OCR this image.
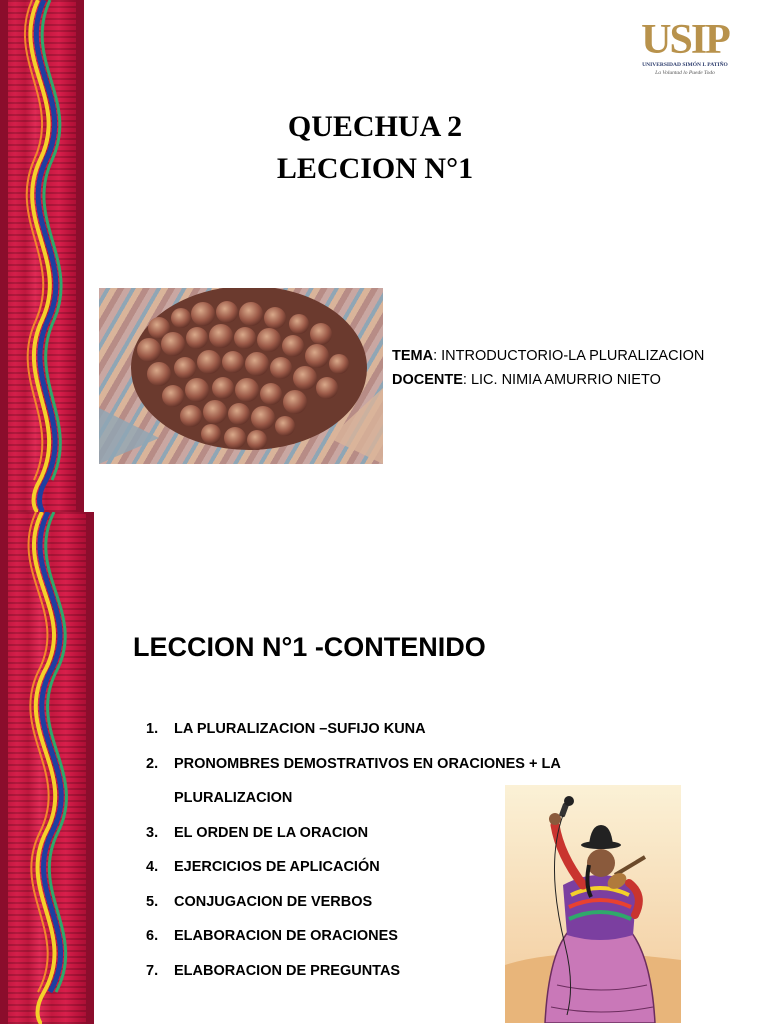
USIP
UNIVERSIDAD SIMÓN I. PATIÑO
La Voluntad lo Puede Todo
QUECHUA 2
LECCION N°1
TEMA: INTRODUCTORIO-LA PLURALIZACION
DOCENTE: LIC. NIMIA AMURRIO NIETO
LECCION N°1 -CONTENIDO
1. LA PLURALIZACION –SUFIJO KUNA
2. PRONOMBRES DEMOSTRATIVOS EN ORACIONES + LA PLURALIZACION
3. EL ORDEN DE LA ORACION
4. EJERCICIOS DE APLICACIÓN
5. CONJUGACION DE VERBOS
6. ELABORACION DE ORACIONES
7. ELABORACION DE PREGUNTAS
